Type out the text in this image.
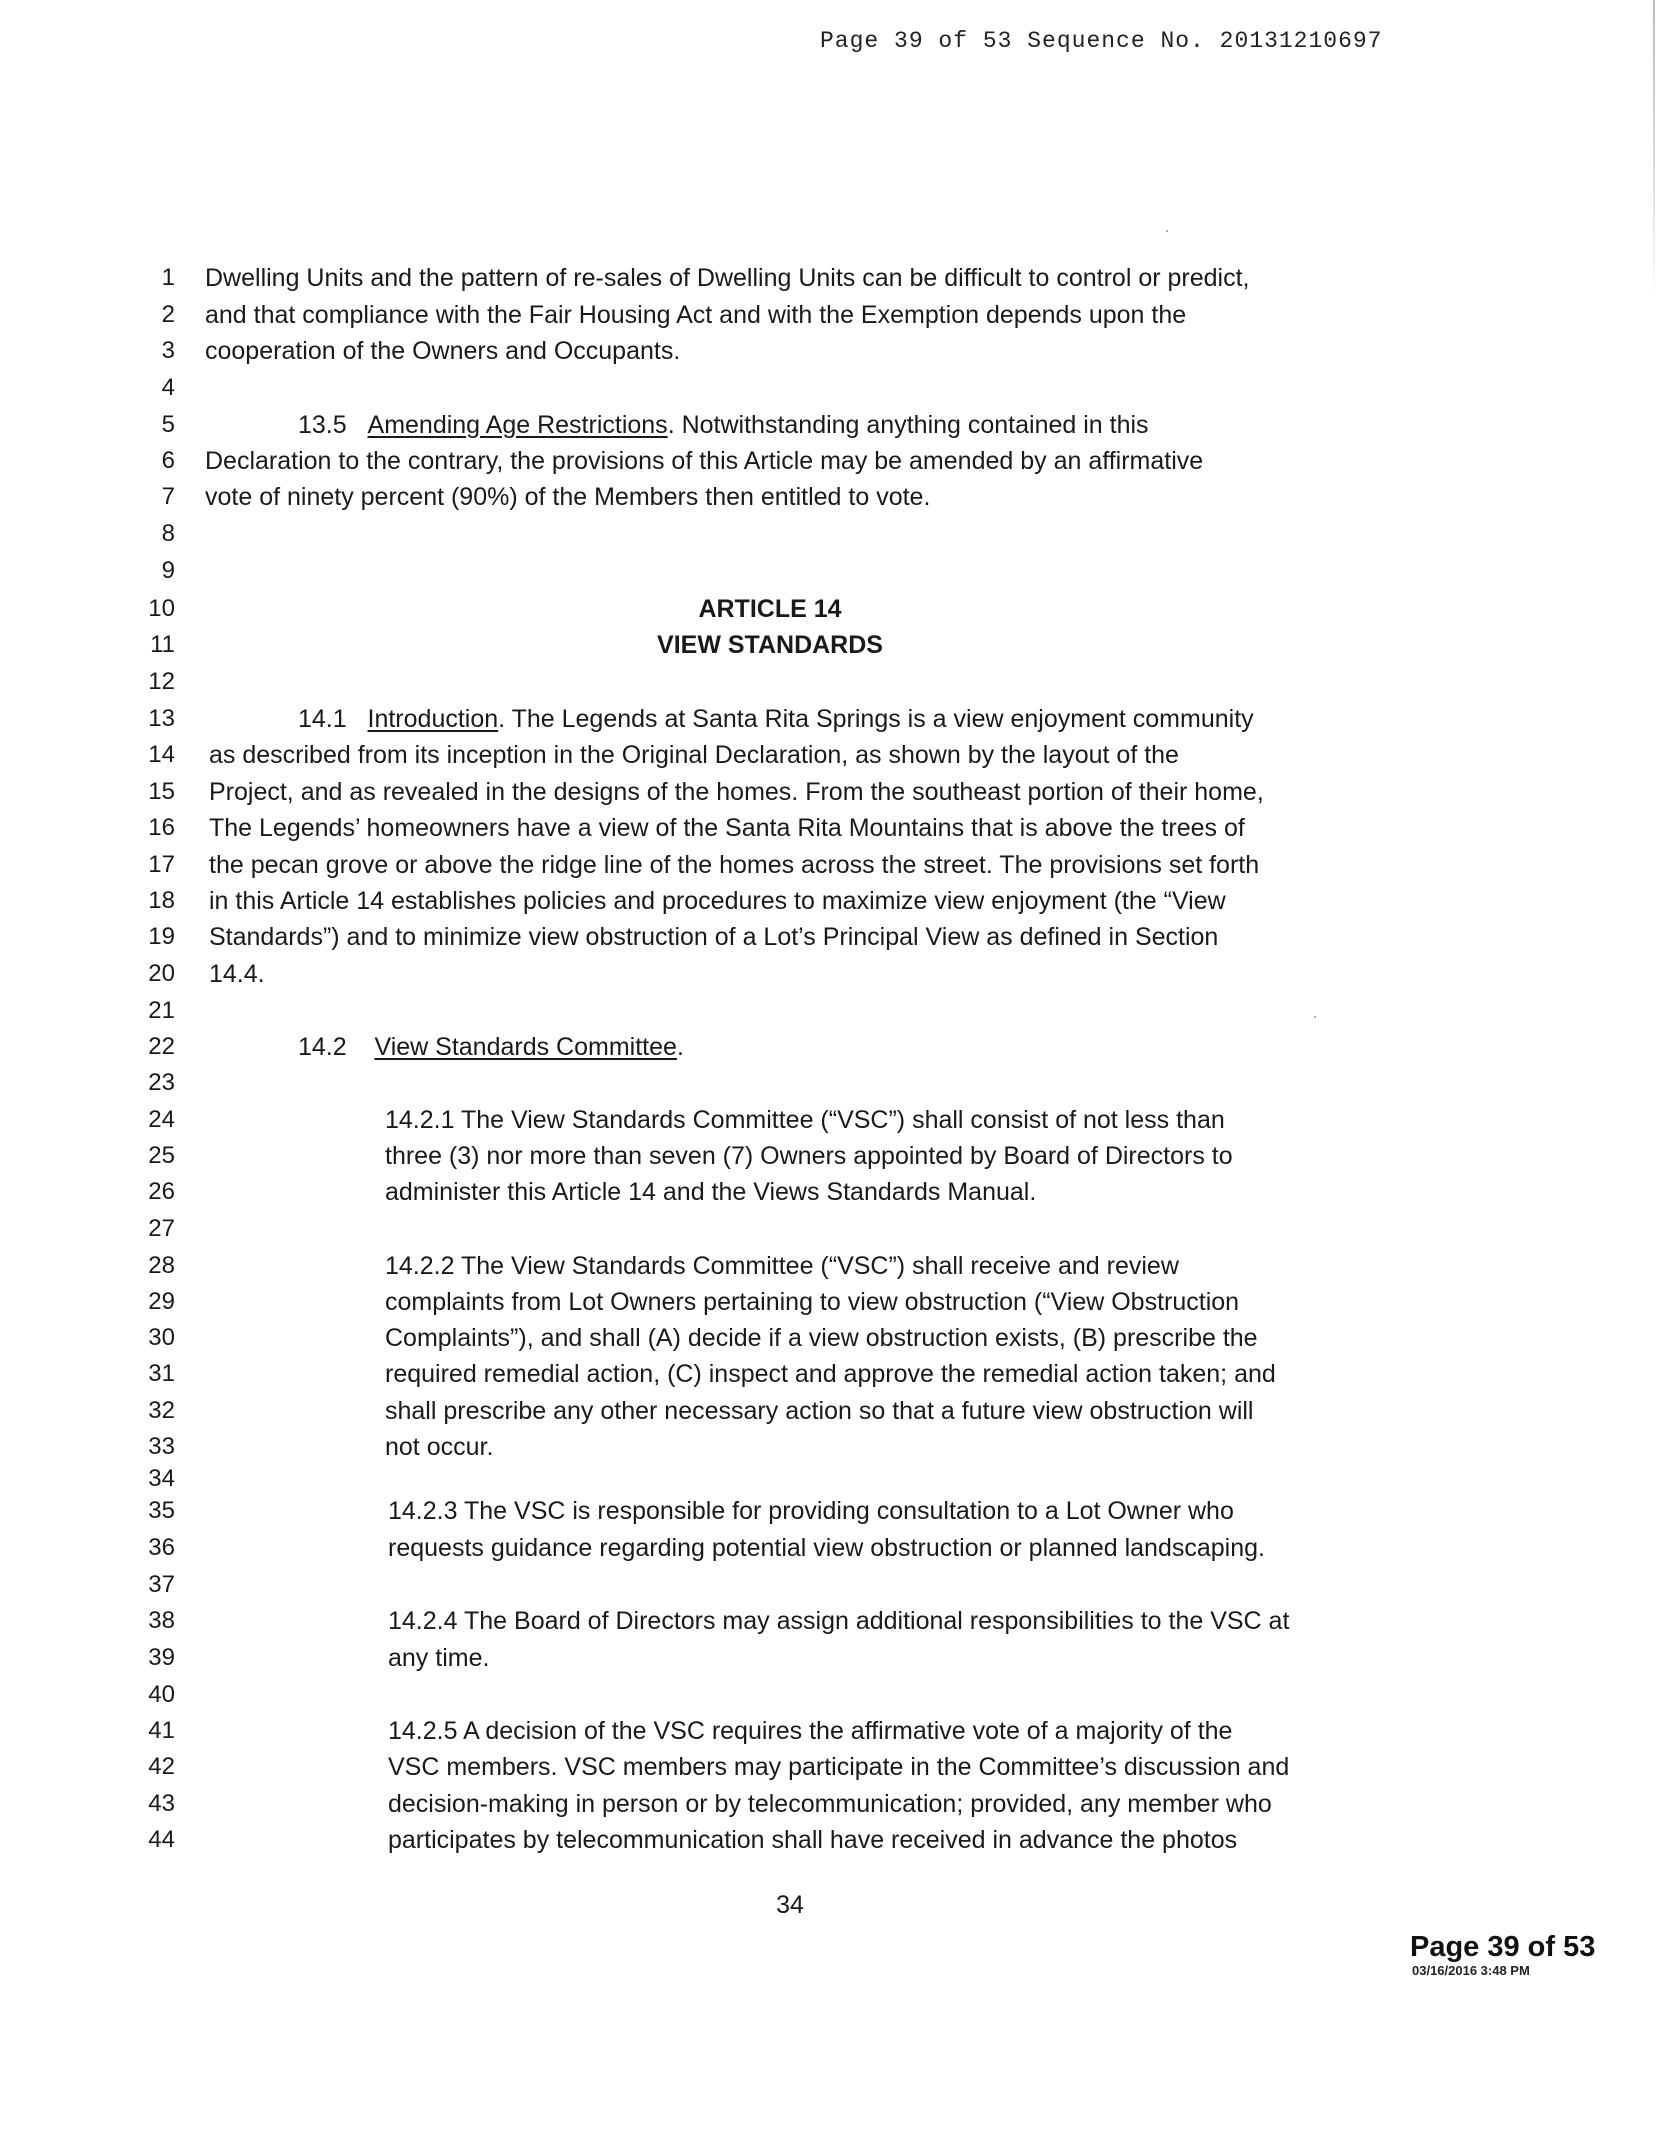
Page 39 of 53 Sequence No. 20131210697
1
2
3
4
5
6
7
8
9
10
11
12
13
14
15
16
17
18
19
20
21
22
23
24
25
26
27
28
29
30
31
32
33
34
35
36
37
38
39
40
41
42
43
44
Dwelling Units and the pattern of re-sales of Dwelling Units can be difficult to control or predict,
and that compliance with the Fair Housing Act and with the Exemption depends upon the
cooperation of the Owners and Occupants.
13.5 Amending Age Restrictions. Notwithstanding anything contained in this
Declaration to the contrary, the provisions of this Article may be amended by an affirmative
vote of ninety percent (90%) of the Members then entitled to vote.
ARTICLE 14
VIEW STANDARDS
14.1 Introduction. The Legends at Santa Rita Springs is a view enjoyment community
as described from its inception in the Original Declaration, as shown by the layout of the
Project, and as revealed in the designs of the homes. From the southeast portion of their home,
The Legends’ homeowners have a view of the Santa Rita Mountains that is above the trees of
the pecan grove or above the ridge line of the homes across the street. The provisions set forth
in this Article 14 establishes policies and procedures to maximize view enjoyment (the “View
Standards”) and to minimize view obstruction of a Lot’s Principal View as defined in Section
14.4.
14.2 View Standards Committee.
14.2.1 The View Standards Committee (“VSC”) shall consist of not less than
three (3) nor more than seven (7) Owners appointed by Board of Directors to
administer this Article 14 and the Views Standards Manual.
14.2.2 The View Standards Committee (“VSC”) shall receive and review
complaints from Lot Owners pertaining to view obstruction (“View Obstruction
Complaints”), and shall (A) decide if a view obstruction exists, (B) prescribe the
required remedial action, (C) inspect and approve the remedial action taken; and
shall prescribe any other necessary action so that a future view obstruction will
not occur.
14.2.3 The VSC is responsible for providing consultation to a Lot Owner who
requests guidance regarding potential view obstruction or planned landscaping.
14.2.4 The Board of Directors may assign additional responsibilities to the VSC at
any time.
14.2.5 A decision of the VSC requires the affirmative vote of a majority of the
VSC members. VSC members may participate in the Committee’s discussion and
decision-making in person or by telecommunication; provided, any member who
participates by telecommunication shall have received in advance the photos
34
Page 39 of 53
03/16/2016 3:48 PM
